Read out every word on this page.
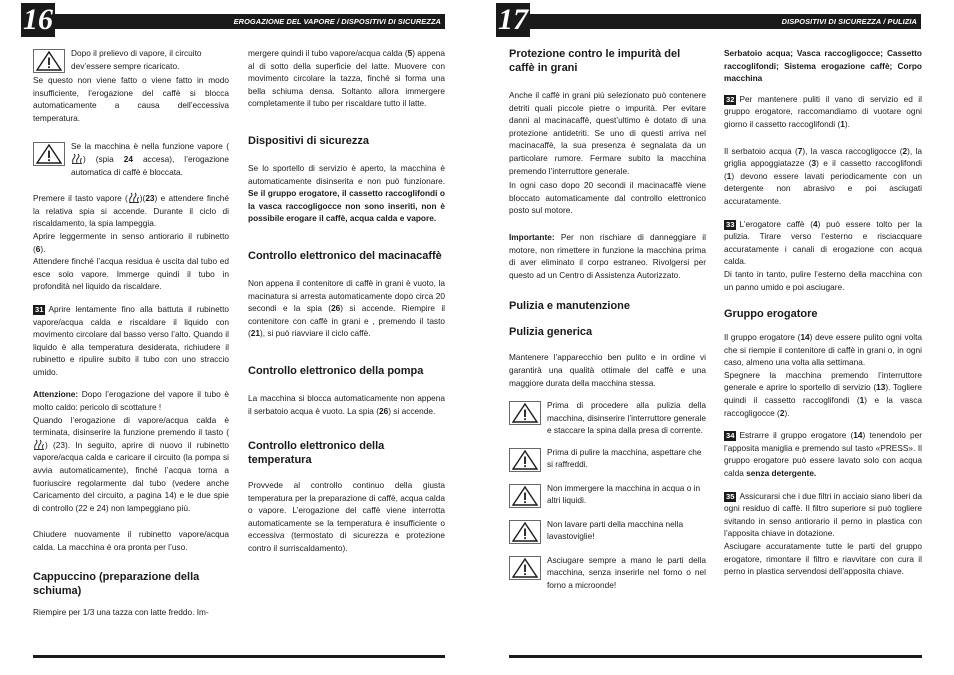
16	EROGAZIONE DEL VAPORE / DISPOSITIVI DI SICUREZZA
Dopo il prelievo di vapore, il circuito dev’essere sempre ricaricato.

Se questo non viene fatto o viene fatto in modo insufficiente, l’erogazione del caffè si blocca automaticamente a causa dell’eccessiva temperatura.

Se la macchina è nella funzione vapore () (spia 24 accesa), l’erogazione automatica di caffè è bloccata.

Premere il tasto vapore ( )(23) e attendere finché la relativa spia si accende. Durante il ciclo di riscaldamento, la spia lampeggia.
Aprire leggermente in senso antiorario il rubinetto (6).
Attendere finché l’acqua residua è uscita dal tubo ed esce solo vapore. Immerge quindi il tubo in profondità nel liquido da riscaldare.

31 Aprire lentamente fino alla battuta il rubinetto vapore/acqua calda e riscaldare il liquido con movimento circolare dal basso verso l’alto. Quando il liquido è alla temperatura desiderata, richiudere il rubinetto e ripulire subito il tubo con uno straccio umido.

Attenzione: Dopo l’erogazione del vapore il tubo è molto caldo: pericolo di scottature !
Quando l’erogazione di vapore/acqua calda è terminata, disinserire la funzione premendo il tasto () (23). In seguito, aprire di nuovo il rubinetto vapore/acqua calda e caricare il circuito (la pompa si avvia automaticamente), finché l’acqua torna a fuoriuscire regolarmente dal tubo (vedere anche Caricamento del circuito, a pagina 14) e le due spie di controllo (22 e 24) non lampeggiano più.

Chiudere nuovamente il rubinetto vapore/acqua calda. La macchina è ora pronta per l’uso.

Cappuccino (preparazione della schiuma)

Riempire per 1/3 una tazza con latte freddo. Im-

mergere quindi il tubo vapore/acqua calda (5) appena al di sotto della superficie del latte. Muovere con movimento circolare la tazza, finché si forma una bella schiuma densa. Soltanto allora immergere completamente il tubo per riscaldare tutto il latte.

Dispositivi di sicurezza

Se lo sportello di servizio è aperto, la macchina è automaticamente disinserita e non può funzionare. Se il gruppo erogatore, il cassetto raccoglifondi o la vasca raccogligocce non sono inseriti, non è possibile erogare il caffè, acqua calda e vapore.

Controllo elettronico del macinacaffè

Non appena il contenitore di caffè in grani è vuoto, la macinatura si arresta automaticamente dopo circa 20 secondi e la spia (26) si accende. Riempire il contenitore con caffè in grani e , premendo il tasto (21), si può riavviare il ciclo caffè.

Controllo elettronico della pompa

La macchina si blocca automaticamente non appena il serbatoio acqua è vuoto. La spia (26) si accende.

Controllo elettronico della temperatura

Provvede al controllo continuo della giusta temperatura per la preparazione di caffè, acqua calda o vapore. L’erogazione del caffè viene interrotta automaticamente se la temperatura è insufficiente o eccessiva (termostato di sicurezza e protezione contro il surriscaldamento).

17	DISPOSITIVI DI SICUREZZA / PULIZIA
Protezione contro le impurità del caffè in grani

Anche il caffè in grani più selezionato può contenere detriti quali piccole pietre o impurità. Per evitare danni al macinacaffè, quest’ultimo è dotato di una protezione antidetriti. Se uno di questi arriva nel macinacaffè, la sua presenza è segnalata da un particolare rumore. Fermare subito la macchina premendo l’interruttore generale.

In ogni caso dopo 20 secondi il macinacaffè viene bloccato automaticamente dal controllo elettronico posto sul motore.

Importante: Per non rischiare di danneggiare il motore, non rimettere in funzione la macchina prima di aver eliminato il corpo estraneo. Rivolgersi per questo ad un Centro di Assistenza Autorizzato.

Pulizia e manutenzione
Pulizia generica

Mantenere l’apparecchio ben pulito e in ordine vi garantirà una qualità ottimale del caffè e una maggiore durata della macchina stessa.

Prima di procedere alla pulizia della macchina, disinserire l’interruttore generale e staccare la spina dalla presa di corrente.
Prima di pulire la macchina, aspettare che si raffreddi.
Non immergere la macchina in acqua o in altri liquidi.
Non lavare parti della macchina nella lavastoviglie!
Asciugare sempre a mano le parti della macchina, senza inserirle nel forno o nel forno a microonde!

Serbatoio acqua; Vasca raccogligocce; Cassetto raccoglifondi; Sistema erogazione caffè; Corpo macchina

32 Per mantenere puliti il vano di servizio ed il gruppo erogatore, raccomandiamo di vuotare ogni giorno il cassetto raccoglifondi (1).

Il serbatoio acqua (7), la vasca raccogligocce (2), la griglia appoggiatazze (3) e il cassetto raccoglifondi (1) devono essere lavati periodicamente con un detergente non abrasivo e poi asciugati accuratamente.

33 L’erogatore caffè (4) può essere tolto per la pulizia. Tirare verso l’esterno e risciacquare accuratamente i canali di erogazione con acqua calda.
Di tanto in tanto, pulire l’esterno della macchina con un panno umido e poi asciugare.

Gruppo erogatore

Il gruppo erogatore (14) deve essere pulito ogni volta che si riempie il contenitore di caffè in grani o, in ogni caso, almeno una volta alla settimana.

Spegnere la macchina premendo l’interruttore generale e aprire lo sportello di servizio (13). Togliere quindi il cassetto raccoglifondi (1) e la vasca raccogligocce (2).

34 Estrarre il gruppo erogatore (14) tenendolo per l’apposita maniglia e premendo sul tasto «PRESS». Il gruppo erogatore può essere lavato solo con acqua calda senza detergente.

35 Assicurarsi che i due filtri in acciaio siano liberi da ogni residuo di caffè. Il filtro superiore si può togliere svitando in senso antiorario il perno in plastica con l’apposita chiave in dotazione.
Asciugare accuratamente tutte le parti del gruppo erogatore, rimontare il filtro e riavvitare con cura il perno in plastica servendosi dell’apposita chiave.
